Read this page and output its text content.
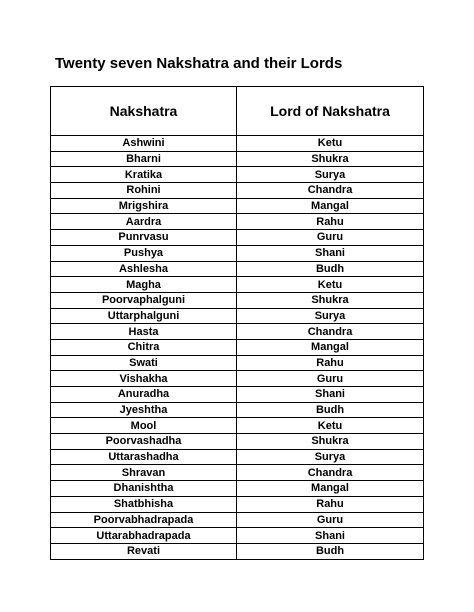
Twenty seven Nakshatra and their Lords
Nakshatra	Lord of Nakshatra
Ashwini	Ketu
Bharni	Shukra
Kratika	Surya
Rohini	Chandra
Mrigshira	Mangal
Aardra	Rahu
Punrvasu	Guru
Pushya	Shani
Ashlesha	Budh
Magha	Ketu
Poorvaphalguni	Shukra
Uttarphalguni	Surya
Hasta	Chandra
Chitra	Mangal
Swati	Rahu
Vishakha	Guru
Anuradha	Shani
Jyeshtha	Budh
Mool	Ketu
Poorvashadha	Shukra
Uttarashadha	Surya
Shravan	Chandra
Dhanishtha	Mangal
Shatbhisha	Rahu
Poorvabhadrapada	Guru
Uttarabhadrapada	Shani
Revati	Budh
